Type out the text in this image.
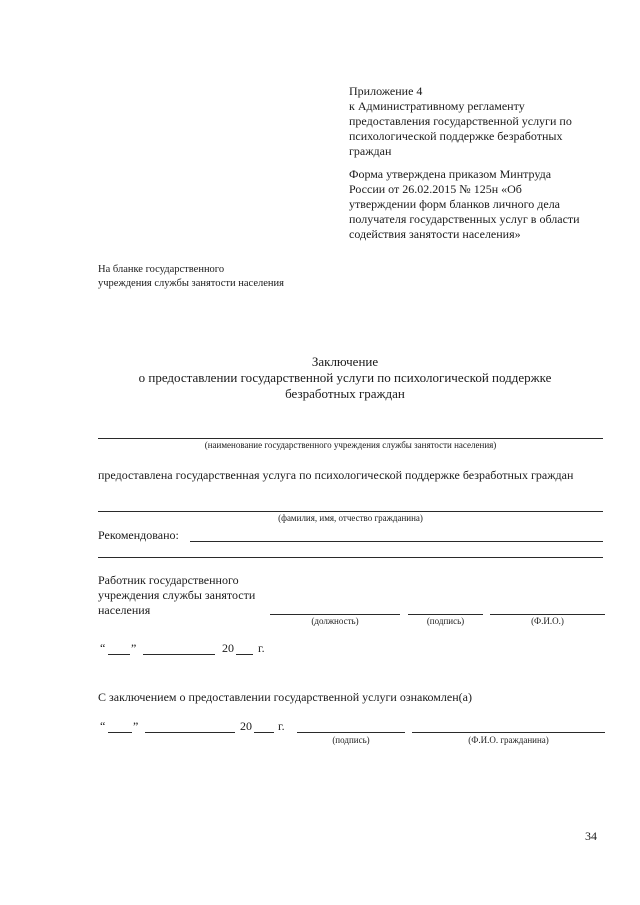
Приложение 4
к Административному регламенту
предоставления государственной услуги по
психологической поддержке безработных
граждан
Форма утверждена приказом Минтруда
России от 26.02.2015 № 125н «Об
утверждении форм бланков личного дела
получателя государственных услуг в области
содействия занятости населения»
На бланке государственного
учреждения службы занятости населения
Заключение
о предоставлении государственной услуги по психологической поддержке
безработных граждан
(наименование государственного учреждения службы занятости населения)
предоставлена государственная услуга по психологической поддержке безработных граждан
(фамилия, имя, отчество гражданина)
Рекомендовано:
Работник государственного
учреждения службы занятости
населения
(должность)	(подпись)	(Ф.И.О.)
“ ”	20 г.
С заключением о предоставлении государственной услуги ознакомлен(а)
“ ”	20 г.
(подпись)	(Ф.И.О. гражданина)
34
